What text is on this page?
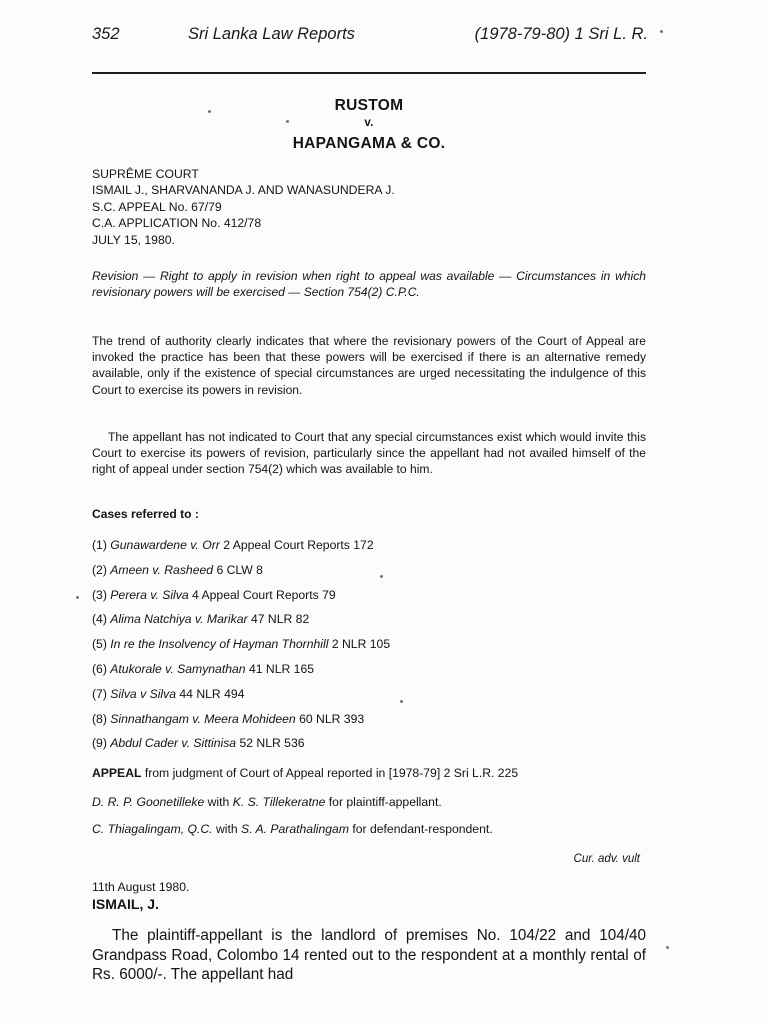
352	Sri Lanka Law Reports	(1978-79-80) 1 Sri L. R.
RUSTOM
v.
HAPANGAMA & CO.
SUPRÊME COURT
ISMAIL J., SHARVANANDA J. AND WANASUNDERA J.
S.C. APPEAL No. 67/79
C.A. APPLICATION No. 412/78
JULY 15, 1980.
Revision — Right to apply in revision when right to appeal was available — Circumstances in which revisionary powers will be exercised — Section 754(2) C.P.C.
The trend of authority clearly indicates that where the revisionary powers of the Court of Appeal are invoked the practice has been that these powers will be exercised if there is an alternative remedy available, only if the existence of special circumstances are urged necessitating the indulgence of this Court to exercise its powers in revision.
The appellant has not indicated to Court that any special circumstances exist which would invite this Court to exercise its powers of revision, particularly since the appellant had not availed himself of the right of appeal under section 754(2) which was available to him.
Cases referred to :
(1) Gunawardene v. Orr 2 Appeal Court Reports 172
(2) Ameen v. Rasheed 6 CLW 8
(3) Perera v. Silva 4 Appeal Court Reports 79
(4) Alima Natchiya v. Marikar 47 NLR 82
(5) In re the Insolvency of Hayman Thornhill 2 NLR 105
(6) Atukorale v. Samynathan 41 NLR 165
(7) Silva v Silva 44 NLR 494
(8) Sinnathangam v. Meera Mohideen 60 NLR 393
(9) Abdul Cader v. Sittinisa 52 NLR 536
APPEAL from judgment of Court of Appeal reported in [1978-79] 2 Sri L.R. 225
D. R. P. Goonetilleke with K. S. Tillekeratne for plaintiff-appellant.
C. Thiagalingam, Q.C. with S. A. Parathalingam for defendant-respondent.
Cur. adv. vult
11th August 1980.
ISMAIL, J.
The plaintiff-appellant is the landlord of premises No. 104/22 and 104/40 Grandpass Road, Colombo 14 rented out to the respondent at a monthly rental of Rs. 6000/-. The appellant had
